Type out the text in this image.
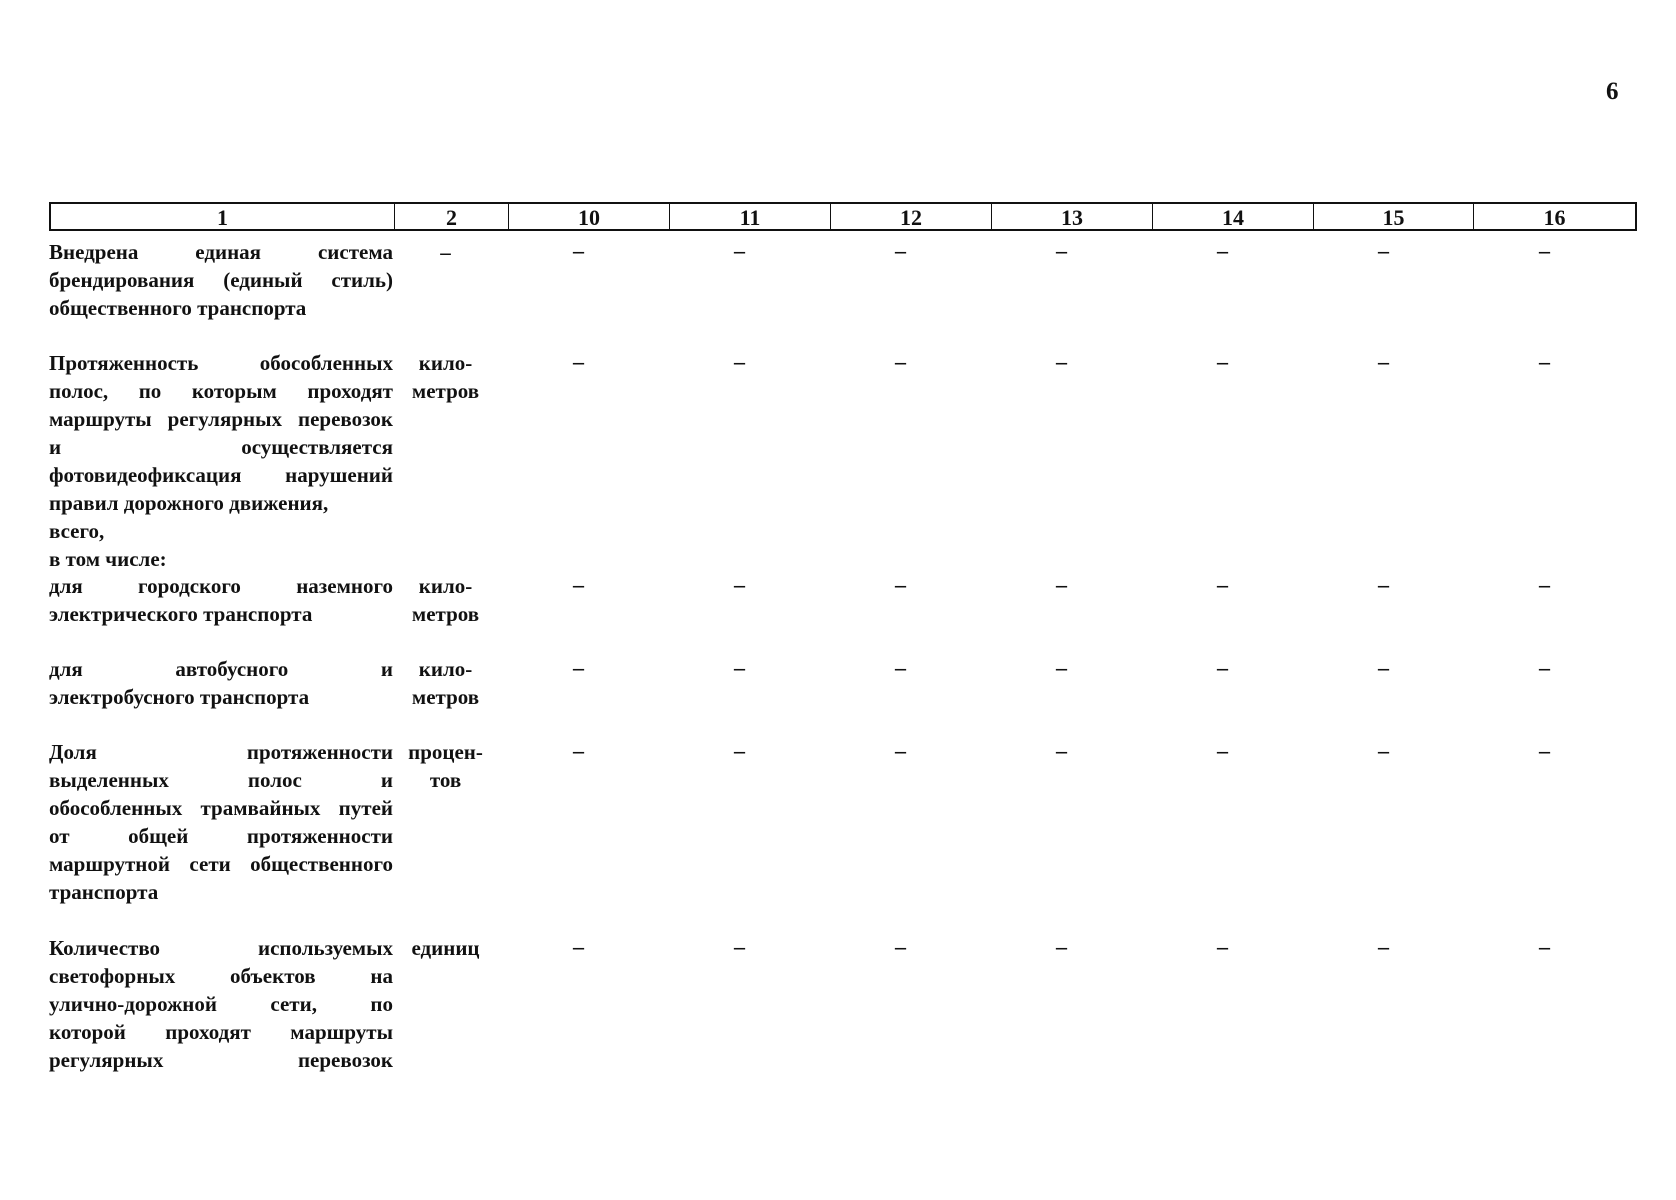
6
1	2	10	11	12	13	14	15	16
Внедрена единая система
брендирования (единый стиль)
общественного транспорта
–	–	–	–	–	–	–	–
Протяженность обособленных
полос, по которым проходят
маршруты регулярных перевозок
и осуществляется
фотовидеофиксация нарушений
правил дорожного движения,
всего,
в том числе:
кило-
метров
–	–	–	–	–	–	–
для городского наземного
электрического транспорта
кило-
метров
–	–	–	–	–	–	–
для автобусного и
электробусного транспорта
кило-
метров
–	–	–	–	–	–	–
Доля протяженности
выделенных полос и
обособленных трамвайных путей
от общей протяженности
маршрутной сети общественного
транспорта
процен-
тов
–	–	–	–	–	–	–
Количество используемых
светофорных объектов на
улично-дорожной сети, по
которой проходят маршруты
регулярных перевозок
единиц	–	–	–	–	–	–	–
